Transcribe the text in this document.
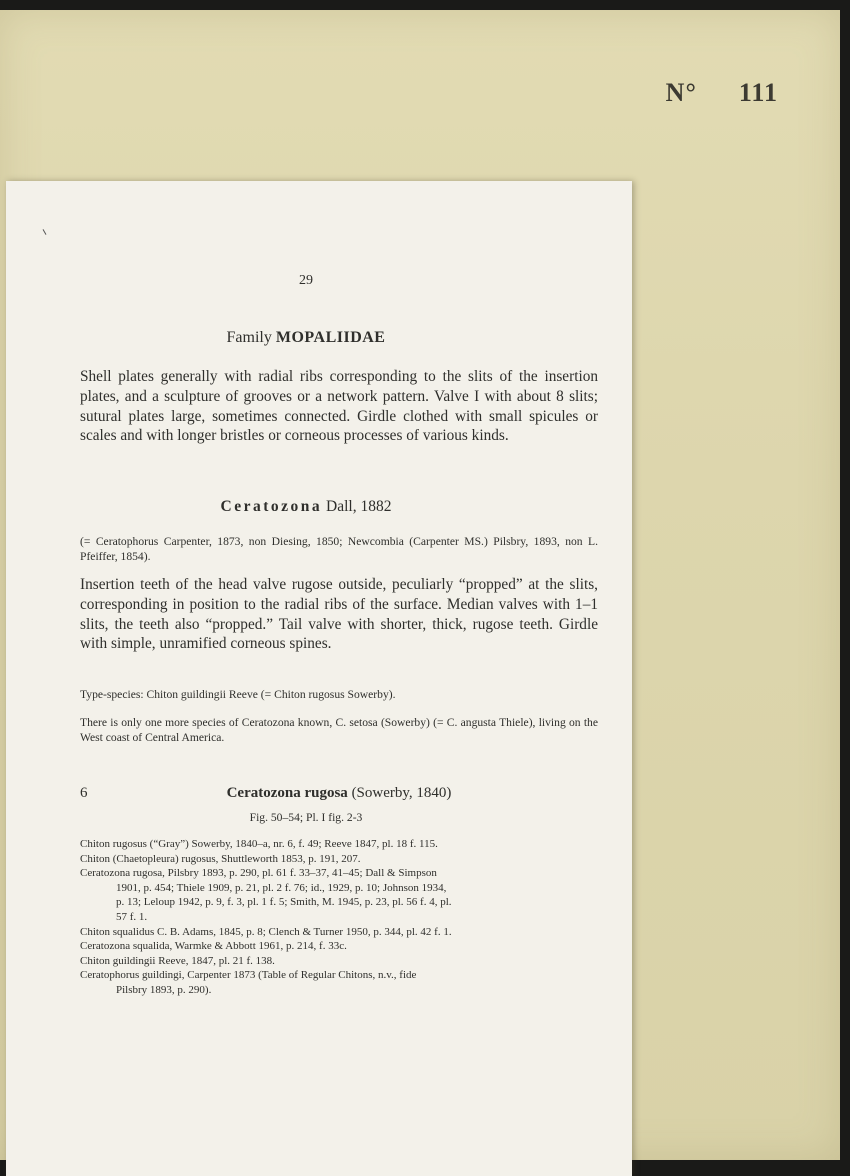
N° 111
29
Family MOPALIIDAE
Shell plates generally with radial ribs corresponding to the slits of the insertion plates, and a sculpture of grooves or a network pattern. Valve I with about 8 slits; sutural plates large, sometimes connected. Girdle clothed with small spicules or scales and with longer bristles or corneous processes of various kinds.
Ceratozona Dall, 1882
(= Ceratophorus Carpenter, 1873, non Diesing, 1850; Newcombia (Carpenter MS.) Pilsbry, 1893, non L. Pfeiffer, 1854).
Insertion teeth of the head valve rugose outside, peculiarly “propped” at the slits, corresponding in position to the radial ribs of the surface. Median valves with 1–1 slits, the teeth also “propped.” Tail valve with shorter, thick, rugose teeth. Girdle with simple, unramified corneous spines.
Type-species: Chiton guildingii Reeve (= Chiton rugosus Sowerby).
There is only one more species of Ceratozona known, C. setosa (Sowerby) (= C. angusta Thiele), living on the West coast of Central America.
6	Ceratozona rugosa (Sowerby, 1840)
Fig. 50–54; Pl. I fig. 2-3
Chiton rugosus (“Gray”) Sowerby, 1840–a, nr. 6, f. 49; Reeve 1847, pl. 18 f. 115.
Chiton (Chaetopleura) rugosus, Shuttleworth 1853, p. 191, 207.
Ceratozona rugosa, Pilsbry 1893, p. 290, pl. 61 f. 33–37, 41–45; Dall & Simpson
1901, p. 454; Thiele 1909, p. 21, pl. 2 f. 76; id., 1929, p. 10; Johnson 1934,
p. 13; Leloup 1942, p. 9, f. 3, pl. 1 f. 5; Smith, M. 1945, p. 23, pl. 56 f. 4, pl.
57 f. 1.
Chiton squalidus C. B. Adams, 1845, p. 8; Clench & Turner 1950, p. 344, pl. 42 f. 1.
Ceratozona squalida, Warmke & Abbott 1961, p. 214, f. 33c.
Chiton guildingii Reeve, 1847, pl. 21 f. 138.
Ceratophorus guildingi, Carpenter 1873 (Table of Regular Chitons, n.v., fide
Pilsbry 1893, p. 290).
